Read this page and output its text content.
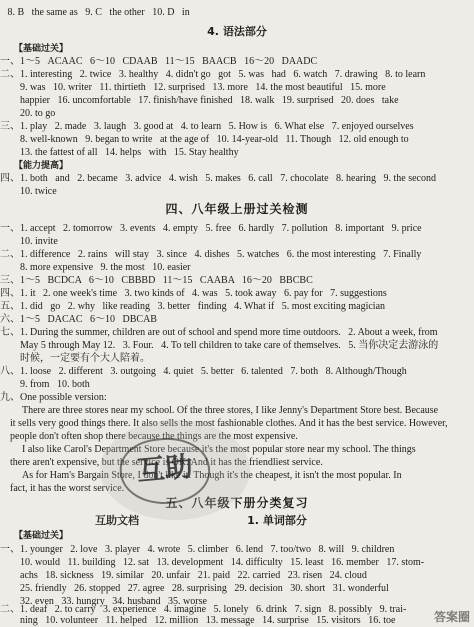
8. B   the same as   9. C   the other   10. D   in
4. 语法部分
【基础过关】
一、1～5   ACAAC   6～10   CDAAB   11～15   BAACB   16～20   DAADC
二、1. interesting   2. twice   3. healthy   4. didn't go   got   5. was   had   6. watch   7. drawing   8. to learn
9. was   10. writer   11. thirtieth   12. surprised   13. more   14. the most beautiful   15. more
happier   16. uncomfortable   17. finish/have finished   18. walk   19. surprised   20. does   take
20. to go
三、1. play   2. made   3. laugh   3. good at   4. to learn   5. How is   6. What else   7. enjoyed ourselves
8. well-known   9. began to write   at the age of   10. 14-year-old   11. Though   12. old enough to
13. the fattest of all   14. helps   with   15. Stay healthy
【能力提高】
四、1. both   and   2. became   3. advice   4. wish   5. makes   6. call   7. chocolate   8. hearing   9. the second
10. twice
四、八年级上册过关检测
一、1. accept   2. tomorrow   3. events   4. empty   5. free   6. hardly   7. pollution   8. important   9. price
10. invite
二、1. difference   2. rains   will stay   3. since   4. dishes   5. watches   6. the most interesting   7. Finally
8. more expensive   9. the most   10. easier
三、1～5   BCDCA   6～10   CBBBD   11～15   CAABA   16～20   BBCBC
四、1. it   2. one week's time   3. two kinds of   4. was   5. took away   6. pay for   7. suggestions
五、1. did   go   2. why   like reading   3. better   finding   4. What if   5. most exciting magician
六、1～5   DACAC   6～10   DBCAB
七、1. During the summer, children are out of school and spend more time outdoors.   2. About a week, from
May 5 through May 12.   3. Four.   4. To tell children to take care of themselves.   5. 当你决定去游泳的
时候，一定要有个大人陪着。
八、1. loose   2. different   3. outgoing   4. quiet   5. better   6. talented   7. both   8. Although/Though
9. from   10. both
九、One possible version:
There are three stores near my school. Of the three stores, I like Jenny's Department Store best. Because
it sells very good things there. It also sells the most fashionable clothes. And it has the best service. However,
people don't often shop there because the things are the most expensive.
I also like Carol's Department Store because it's the most popular store near my school. The things
there aren't expensive, but the service is OK. And it has the friendliest service.
As for Ham's Bargain Store, I don't like it. Though it's the cheapest, it isn't the most popular. In
fact, it has the worst service.
五、八年级下册分类复习
1. 单词部分
【基础过关】
一、1. younger   2. love   3. player   4. wrote   5. climber   6. lend   7. too/two   8. will   9. children
10. would   11. building   12. sat   13. development   14. difficulty   15. least   16. member   17. stom-
achs   18. sickness   19. similar   20. unfair   21. paid   22. carried   23. risen   24. cloud
25. friendly   26. stopped   27. agree   28. surprising   29. decision   30. short   31. wonderful
32. even   33. hungry   34. husband   35. worse
二、1. deaf   2. to carry   3. experience   4. imagine   5. lonely   6. drink   7. sign   8. possibly   9. trai-
ning   10. volunteer   11. helped   12. million   13. message   14. surprise   15. visitors   16. toe
互助
互助文档
答案圈
